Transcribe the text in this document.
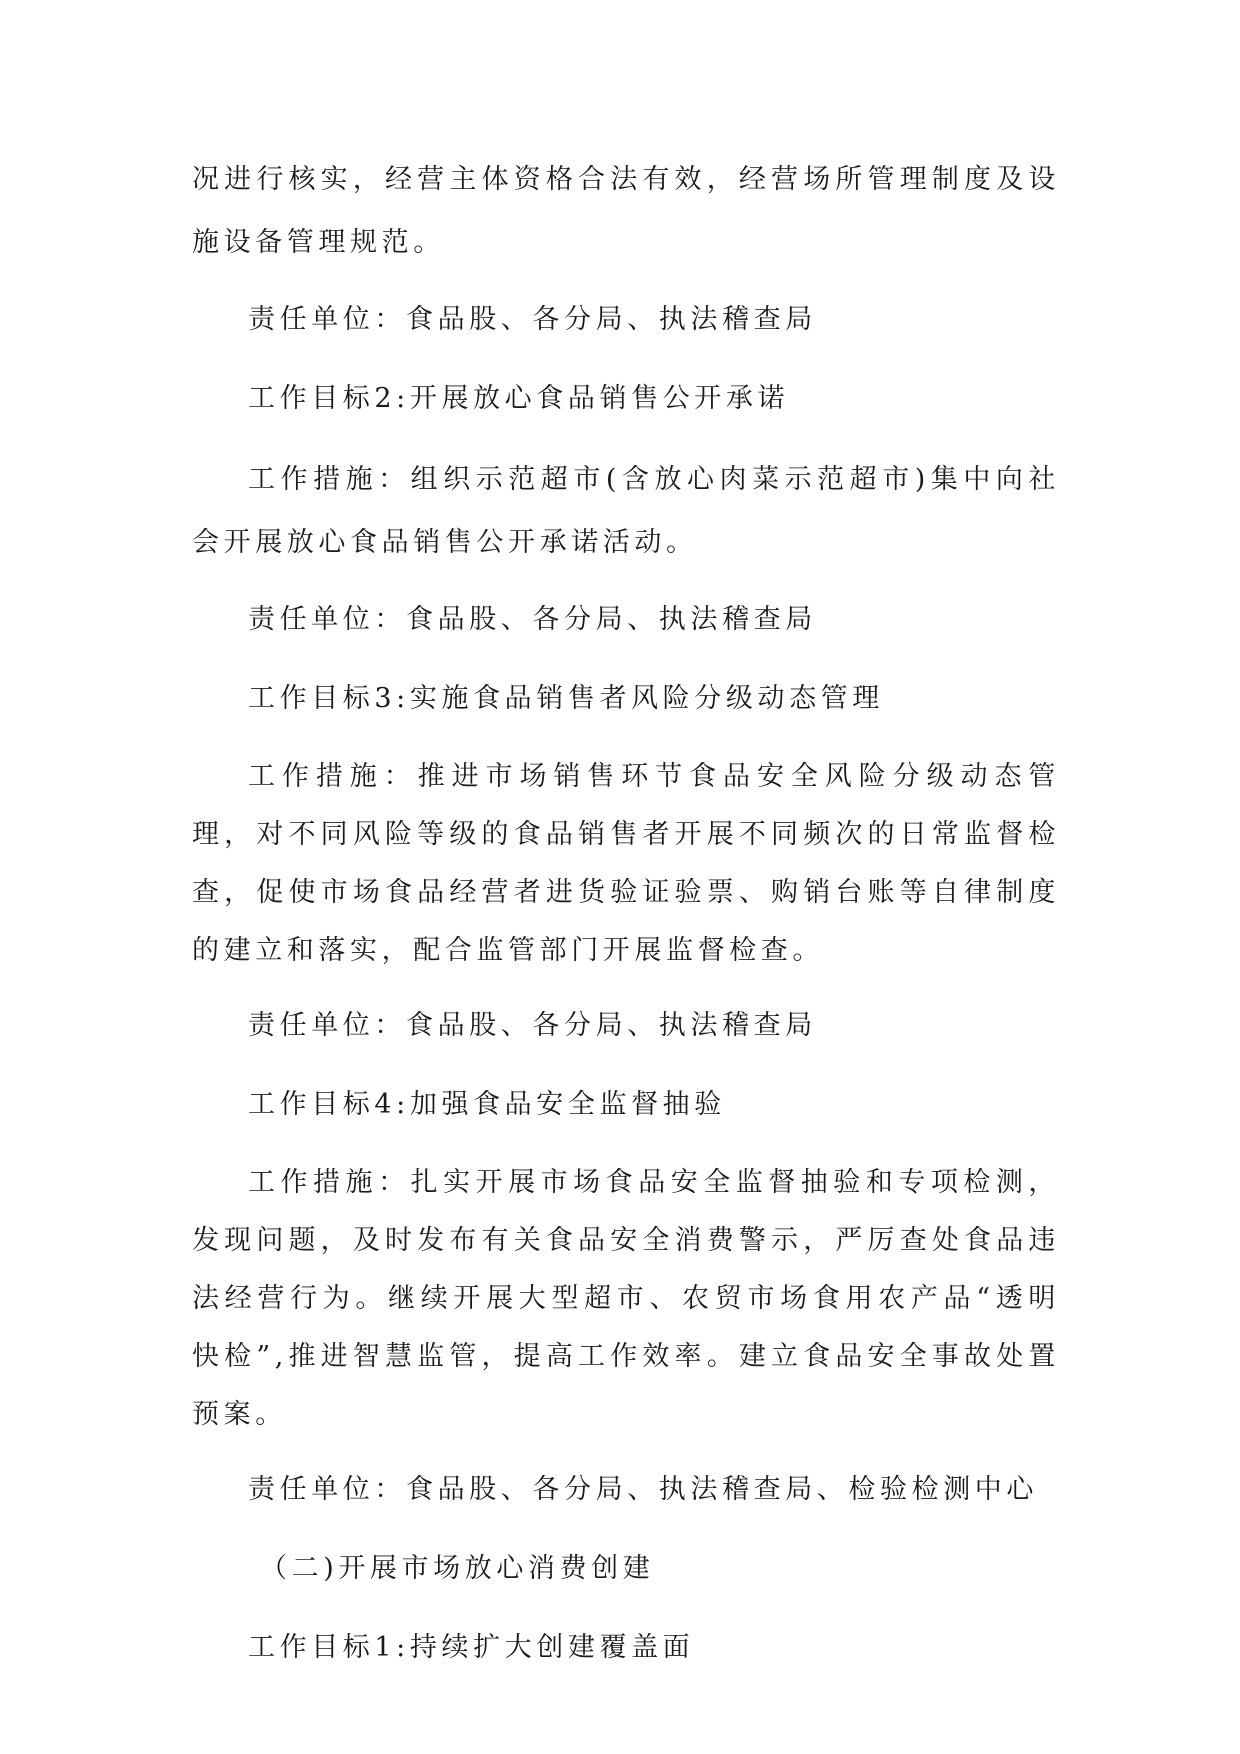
况进行核实，经营主体资格合法有效，经营场所管理制度及设施设备管理规范。

责任单位：食品股、各分局、执法稽查局

工作目标2:开展放心食品销售公开承诺

工作措施：组织示范超市(含放心肉菜示范超市)集中向社会开展放心食品销售公开承诺活动。

责任单位：食品股、各分局、执法稽查局

工作目标3:实施食品销售者风险分级动态管理

工作措施：推进市场销售环节食品安全风险分级动态管理，对不同风险等级的食品销售者开展不同频次的日常监督检查，促使市场食品经营者进货验证验票、购销台账等自律制度的建立和落实，配合监管部门开展监督检查。

责任单位：食品股、各分局、执法稽查局

工作目标4:加强食品安全监督抽验

工作措施：扎实开展市场食品安全监督抽验和专项检测，发现问题，及时发布有关食品安全消费警示，严厉查处食品违法经营行为。继续开展大型超市、农贸市场食用农产品“透明快检”,推进智慧监管，提高工作效率。建立食品安全事故处置预案。

责任单位：食品股、各分局、执法稽查局、检验检测中心

（二)开展市场放心消费创建

工作目标1:持续扩大创建覆盖面
